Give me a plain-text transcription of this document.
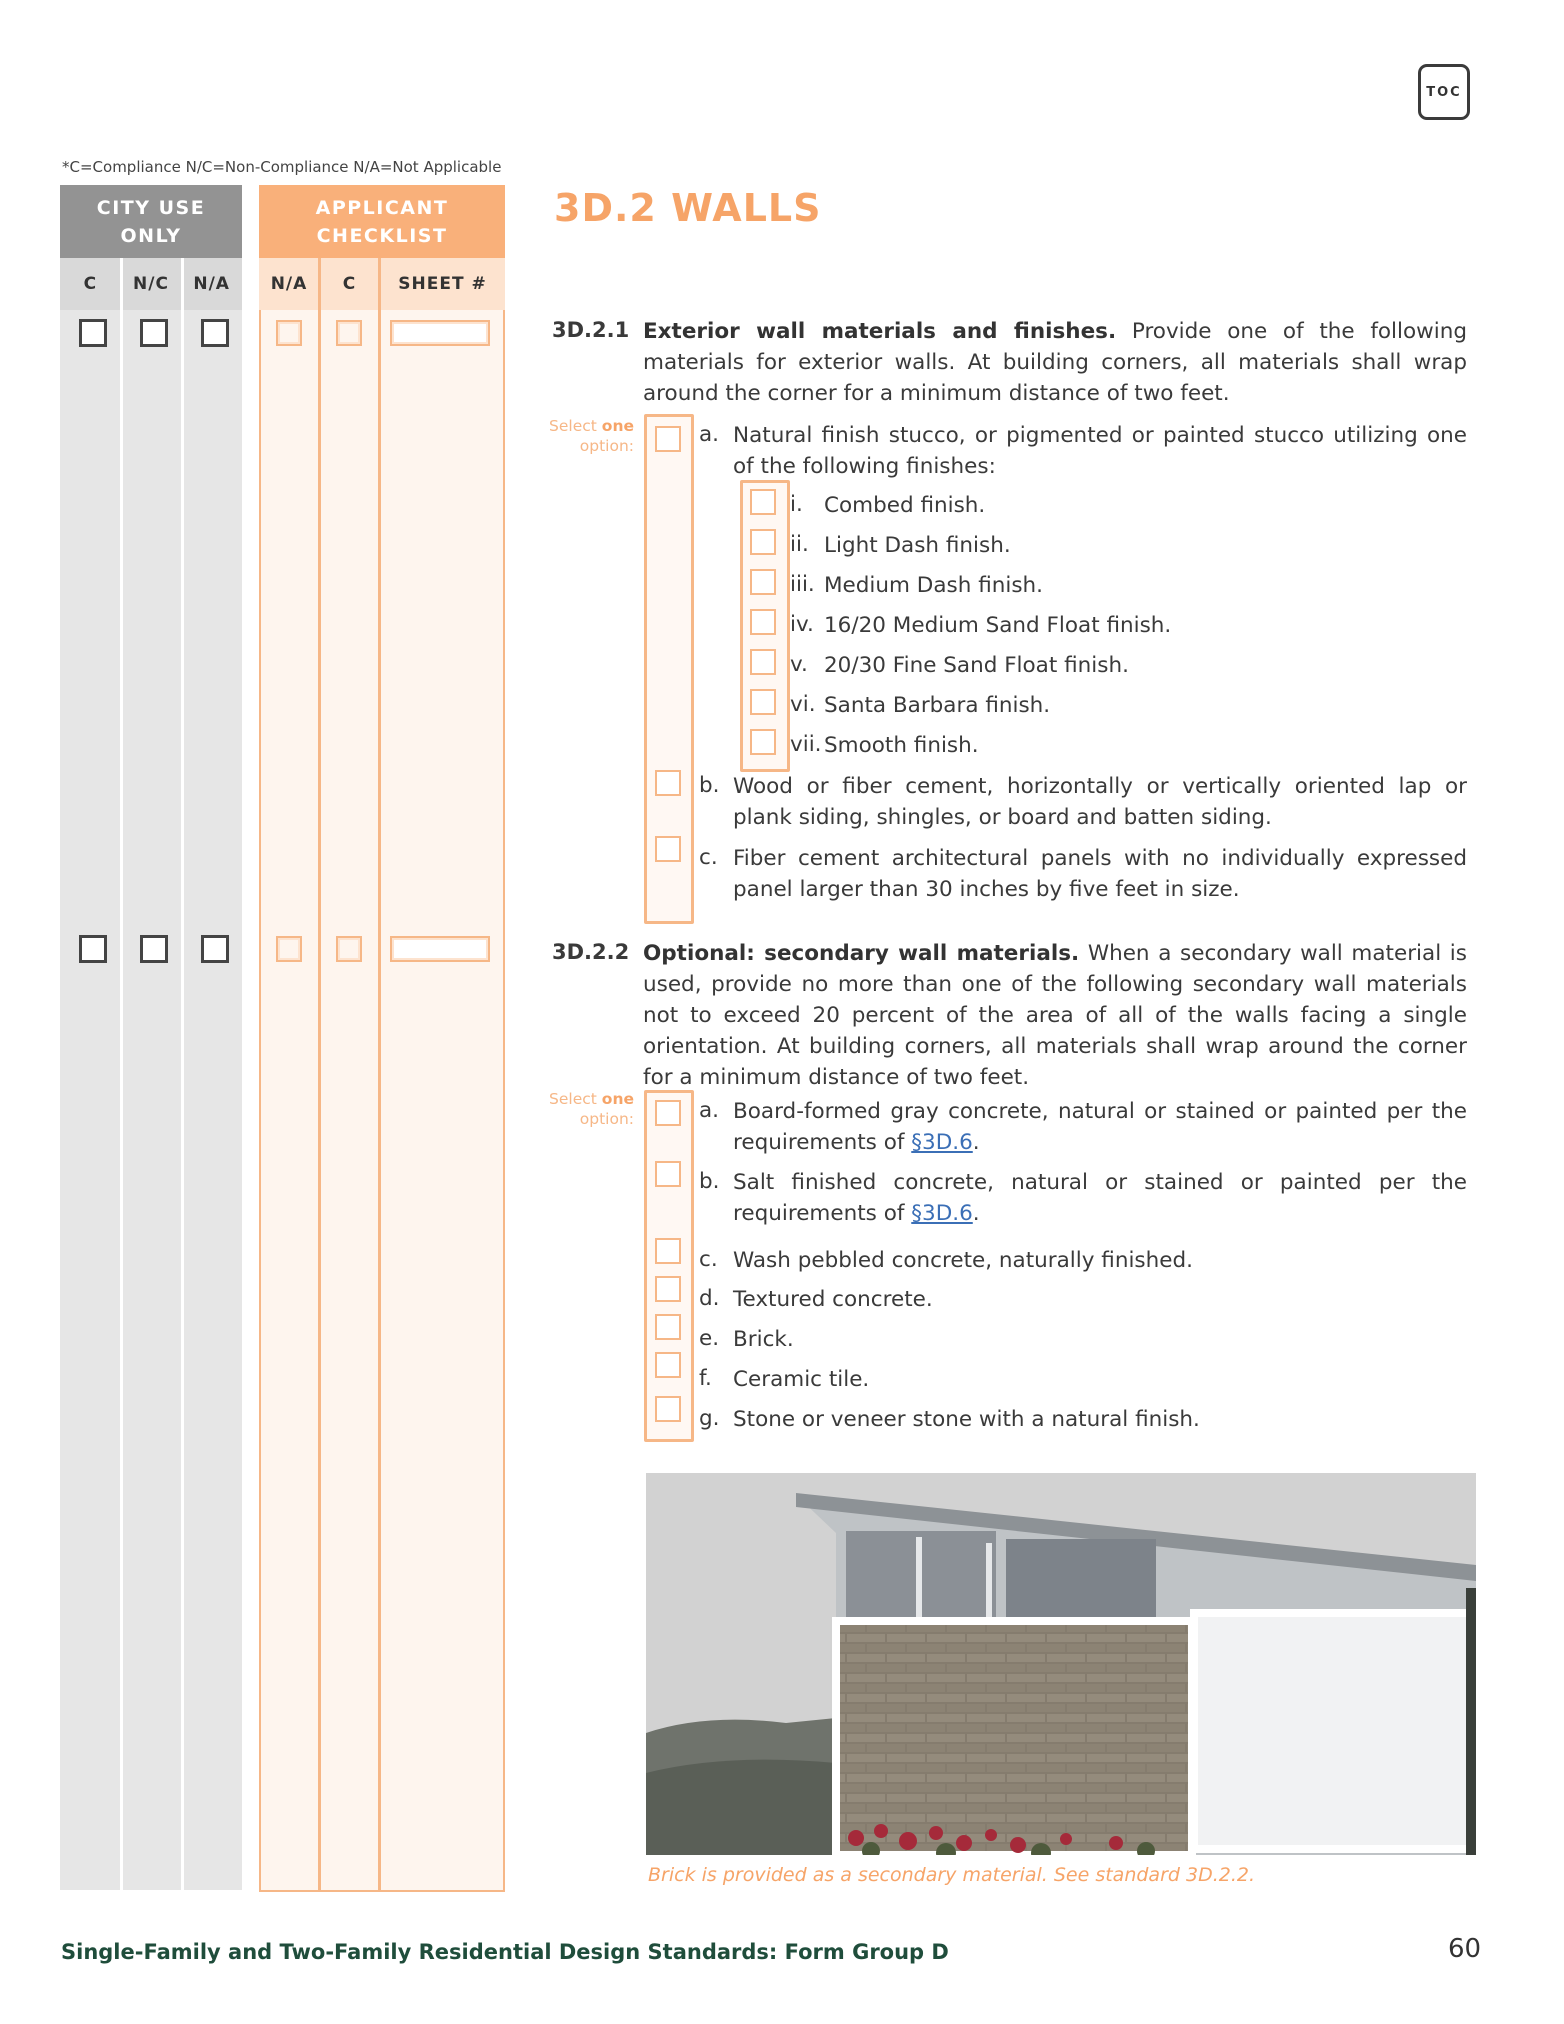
TOC
*C=Compliance N/C=Non-Compliance N/A=Not Applicable
CITY USE ONLY
C	N/C	N/A
APPLICANT CHECKLIST
N/A	C	SHEET #
3D.2 WALLS
3D.2.1 Exterior wall materials and finishes. Provide one of the following materials for exterior walls. At building corners, all materials shall wrap around the corner for a minimum distance of two feet.
Select one
option:	a. Natural finish stucco, or pigmented or painted stucco utilizing one of the following finishes:
i. Combed finish.
ii. Light Dash finish.
iii. Medium Dash finish.
iv. 16/20 Medium Sand Float finish.
v. 20/30 Fine Sand Float finish.
vi. Santa Barbara finish.
vii. Smooth finish.
b. Wood or fiber cement, horizontally or vertically oriented lap or plank siding, shingles, or board and batten siding.
c. Fiber cement architectural panels with no individually expressed panel larger than 30 inches by five feet in size.
3D.2.2 Optional: secondary wall materials. When a secondary wall material is used, provide no more than one of the following secondary wall materials not to exceed 20 percent of the area of all of the walls facing a single orientation. At building corners, all materials shall wrap around the corner for a minimum distance of two feet.
Select one
option:	a. Board-formed gray concrete, natural or stained or painted per the requirements of §3D.6.
b. Salt finished concrete, natural or stained or painted per the requirements of §3D.6.
c. Wash pebbled concrete, naturally finished.
d. Textured concrete.
e. Brick.
f. Ceramic tile.
g. Stone or veneer stone with a natural finish.
Brick is provided as a secondary material. See standard 3D.2.2.
Single-Family and Two-Family Residential Design Standards: Form Group D	60
